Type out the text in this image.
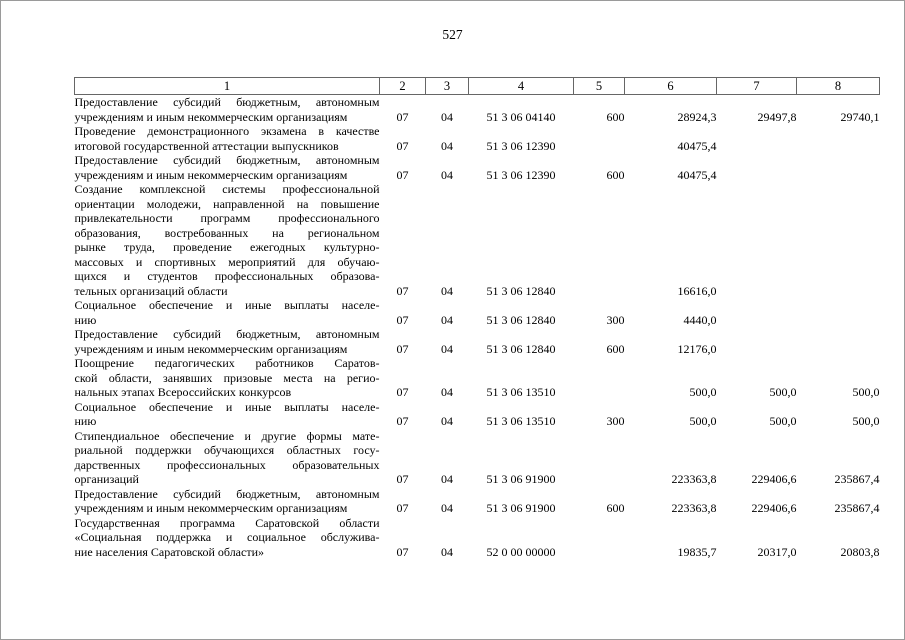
527
1	2	3	4	5	6	7	8

Предоставление субсидий бюджетным, автономным
учреждениям и иным некоммерческим организациям	07	04	51 3 06 04140	600	28924,3	29497,8	29740,1

Проведение демонстрационного экзамена в качестве
итоговой государственной аттестации выпускников	07	04	51 3 06 12390		40475,4		

Предоставление субсидий бюджетным, автономным
учреждениям и иным некоммерческим организациям	07	04	51 3 06 12390	600	40475,4		

Создание комплексной системы профессиональной
ориентации молодежи, направленной на повышение
привлекательности программ профессионального
образования, востребованных на региональном
рынке труда, проведение ежегодных культурно-
массовых и спортивных мероприятий для обучаю-
щихся и студентов профессиональных образова-
тельных организаций области	07	04	51 3 06 12840		16616,0		

Социальное обеспечение и иные выплаты населе-
нию	07	04	51 3 06 12840	300	4440,0		

Предоставление субсидий бюджетным, автономным
учреждениям и иным некоммерческим организациям	07	04	51 3 06 12840	600	12176,0		

Поощрение педагогических работников Саратов-
ской области, занявших призовые места на регио-
нальных этапах Всероссийских конкурсов	07	04	51 3 06 13510		500,0	500,0	500,0

Социальное обеспечение и иные выплаты населе-
нию	07	04	51 3 06 13510	300	500,0	500,0	500,0

Стипендиальное обеспечение и другие формы мате-
риальной поддержки обучающихся областных госу-
дарственных профессиональных образовательных
организаций	07	04	51 3 06 91900		223363,8	229406,6	235867,4

Предоставление субсидий бюджетным, автономным
учреждениям и иным некоммерческим организациям	07	04	51 3 06 91900	600	223363,8	229406,6	235867,4

Государственная программа Саратовской области
«Социальная поддержка и социальное обслужива-
ние населения Саратовской области»	07	04	52 0 00 00000		19835,7	20317,0	20803,8
